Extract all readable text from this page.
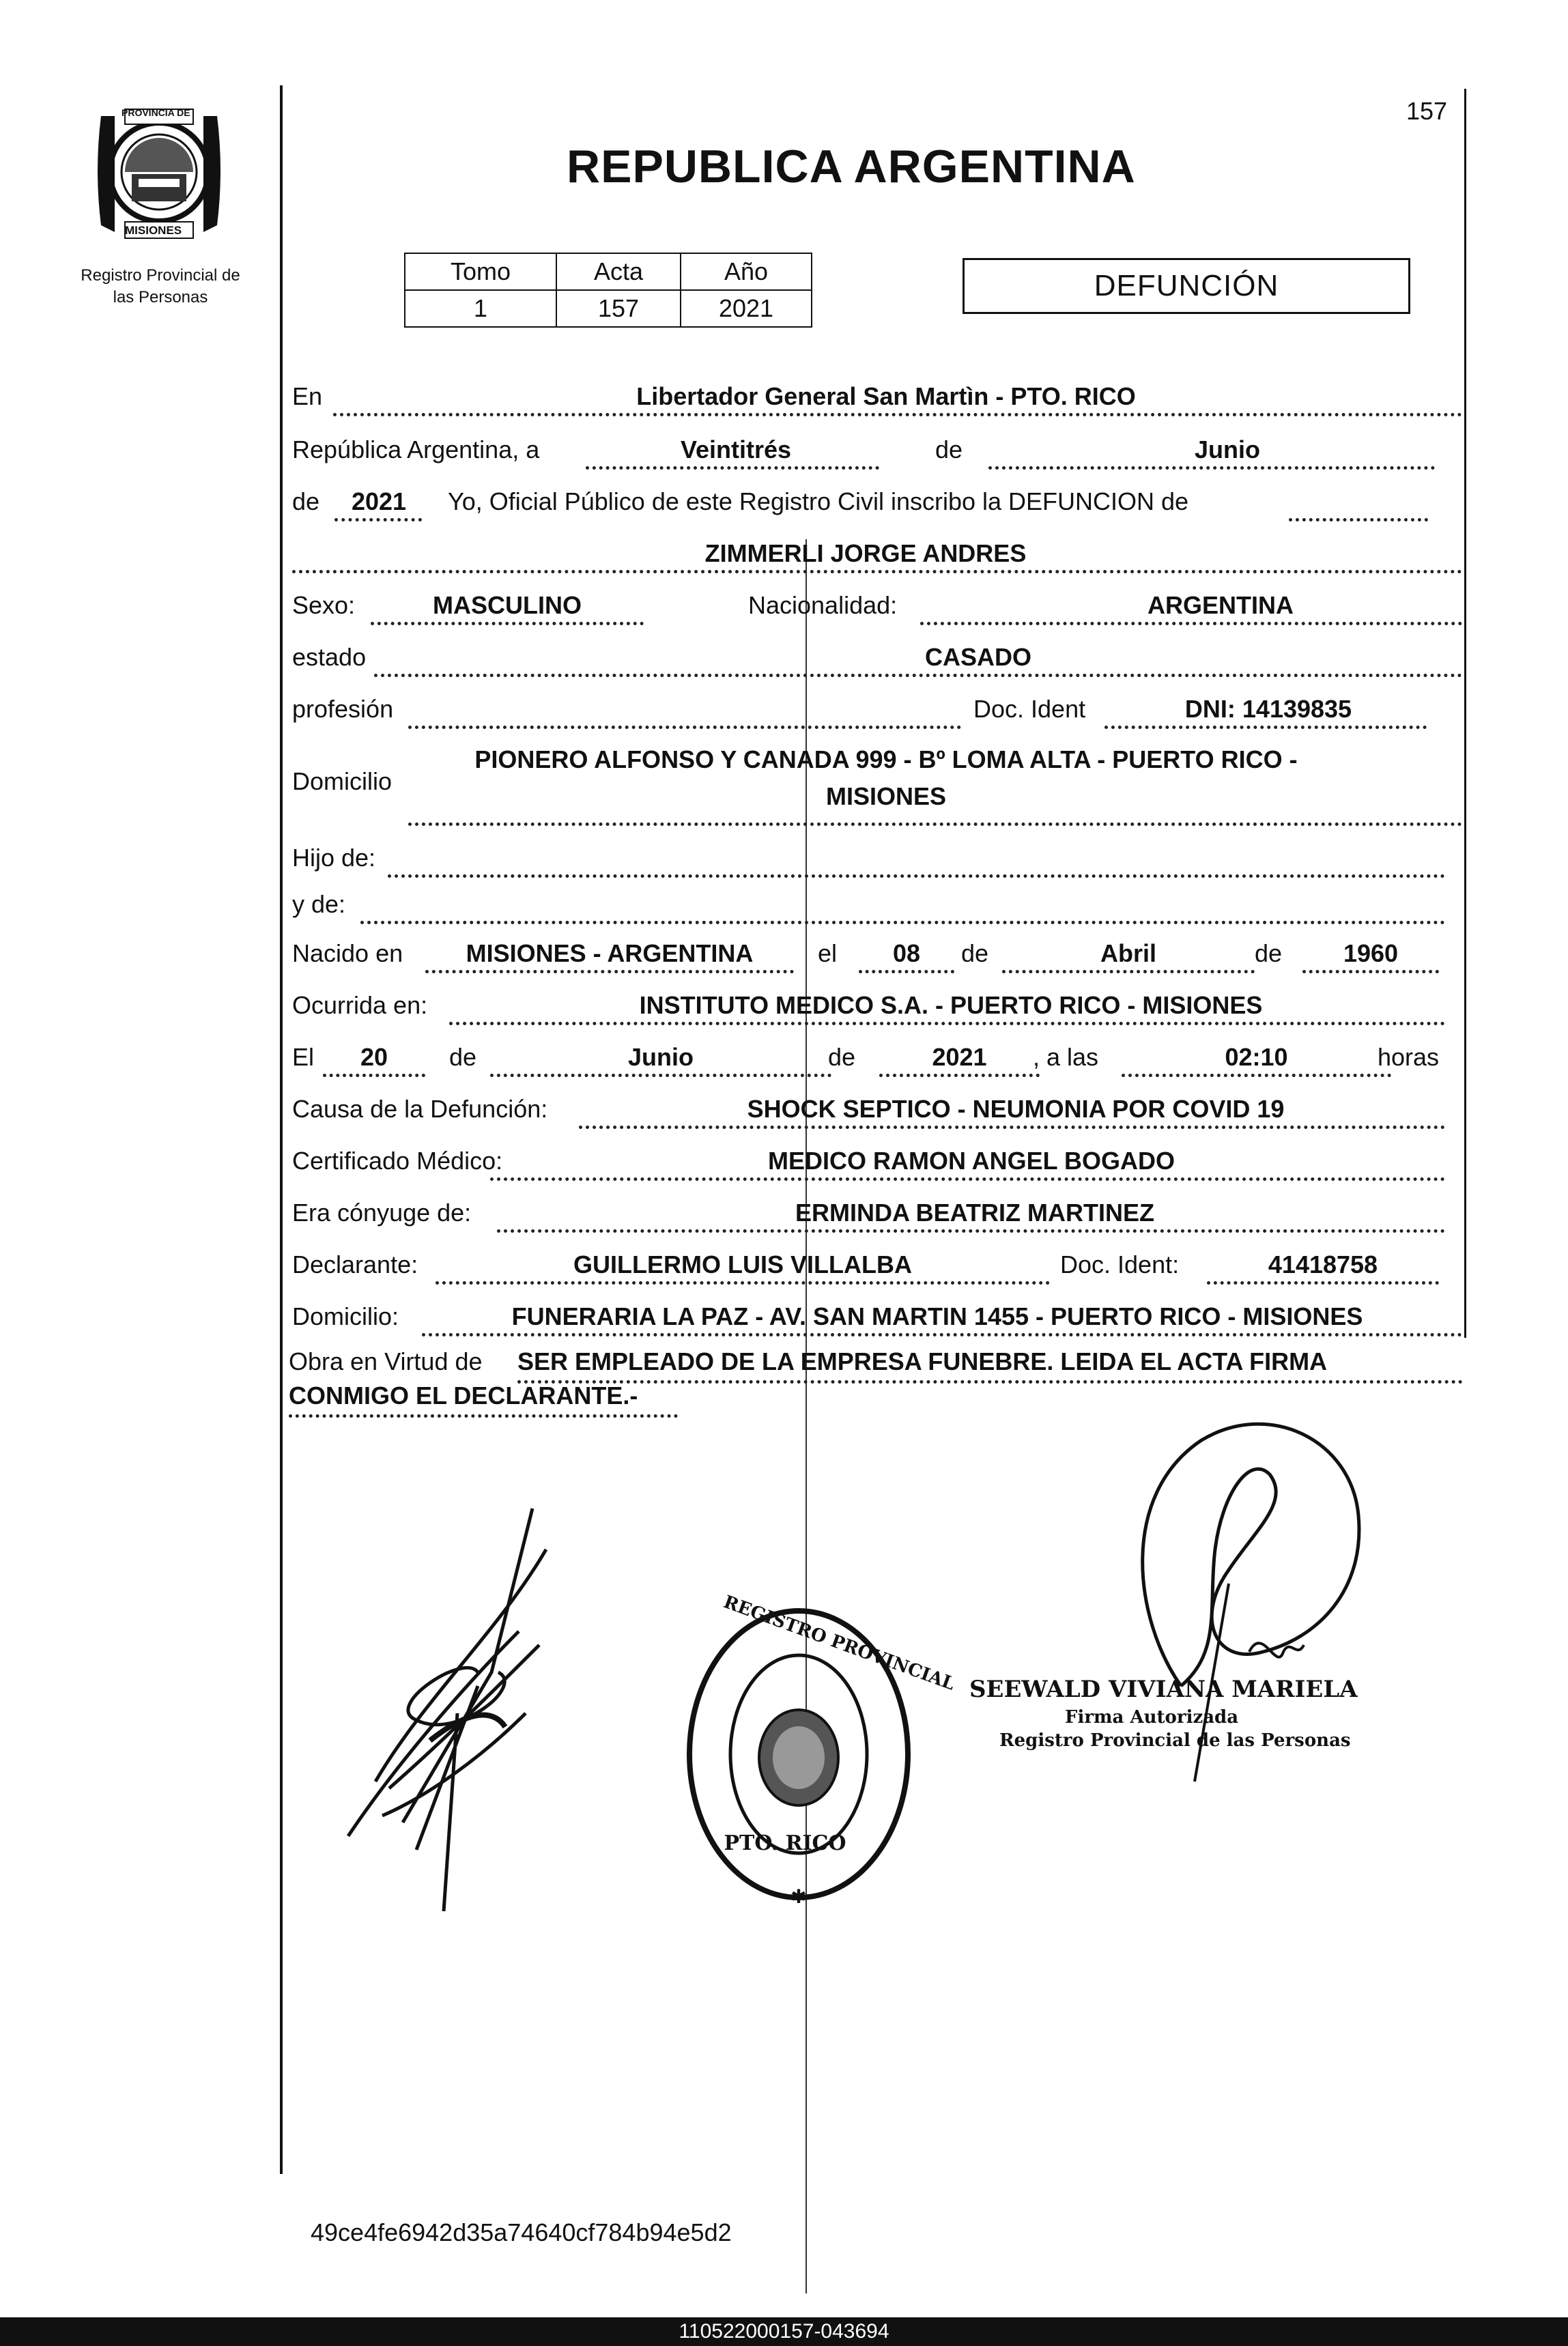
PROVINCIA DE
MISIONES
Registro Provincial de
las Personas
157
REPUBLICA ARGENTINA
Tomo	Acta	Año
1	157	2021
DEFUNCIÓN
En	Libertador General San Martìn - PTO. RICO
República Argentina, a	Veintitrés	de	Junio
de	2021	Yo, Oficial Público de este Registro Civil inscribo la DEFUNCION de
ZIMMERLI JORGE ANDRES
Sexo:	MASCULINO	Nacionalidad:	ARGENTINA
estado	CASADO
profesión	Doc. Ident	DNI: 14139835
Domicilio
PIONERO ALFONSO Y CANADA 999 - Bº LOMA ALTA - PUERTO RICO -
MISIONES
Hijo de:
y de:
Nacido en	MISIONES - ARGENTINA	el	08	de	Abril	de	1960
Ocurrida en:	INSTITUTO MEDICO S.A. - PUERTO RICO - MISIONES
El	20	de	Junio	de	2021	, a las	02:10	horas
Causa de la Defunción:	SHOCK SEPTICO - NEUMONIA POR COVID 19
Certificado Médico:	MEDICO RAMON ANGEL BOGADO
Era cónyuge de:	ERMINDA BEATRIZ MARTINEZ
Declarante:	GUILLERMO LUIS VILLALBA	Doc. Ident:	41418758
Domicilio:	FUNERARIA LA PAZ - AV. SAN MARTIN 1455 - PUERTO RICO - MISIONES
Obra en Virtud de SER EMPLEADO DE LA EMPRESA FUNEBRE. LEIDA EL ACTA FIRMA
CONMIGO EL DECLARANTE.-
REGISTRO PROVINCIAL
PTO. RICO
✱
SEEWALD VIVIANA MARIELA
Firma Autorizada
Registro Provincial de las Personas
49ce4fe6942d35a74640cf784b94e5d2
110522000157-043694
